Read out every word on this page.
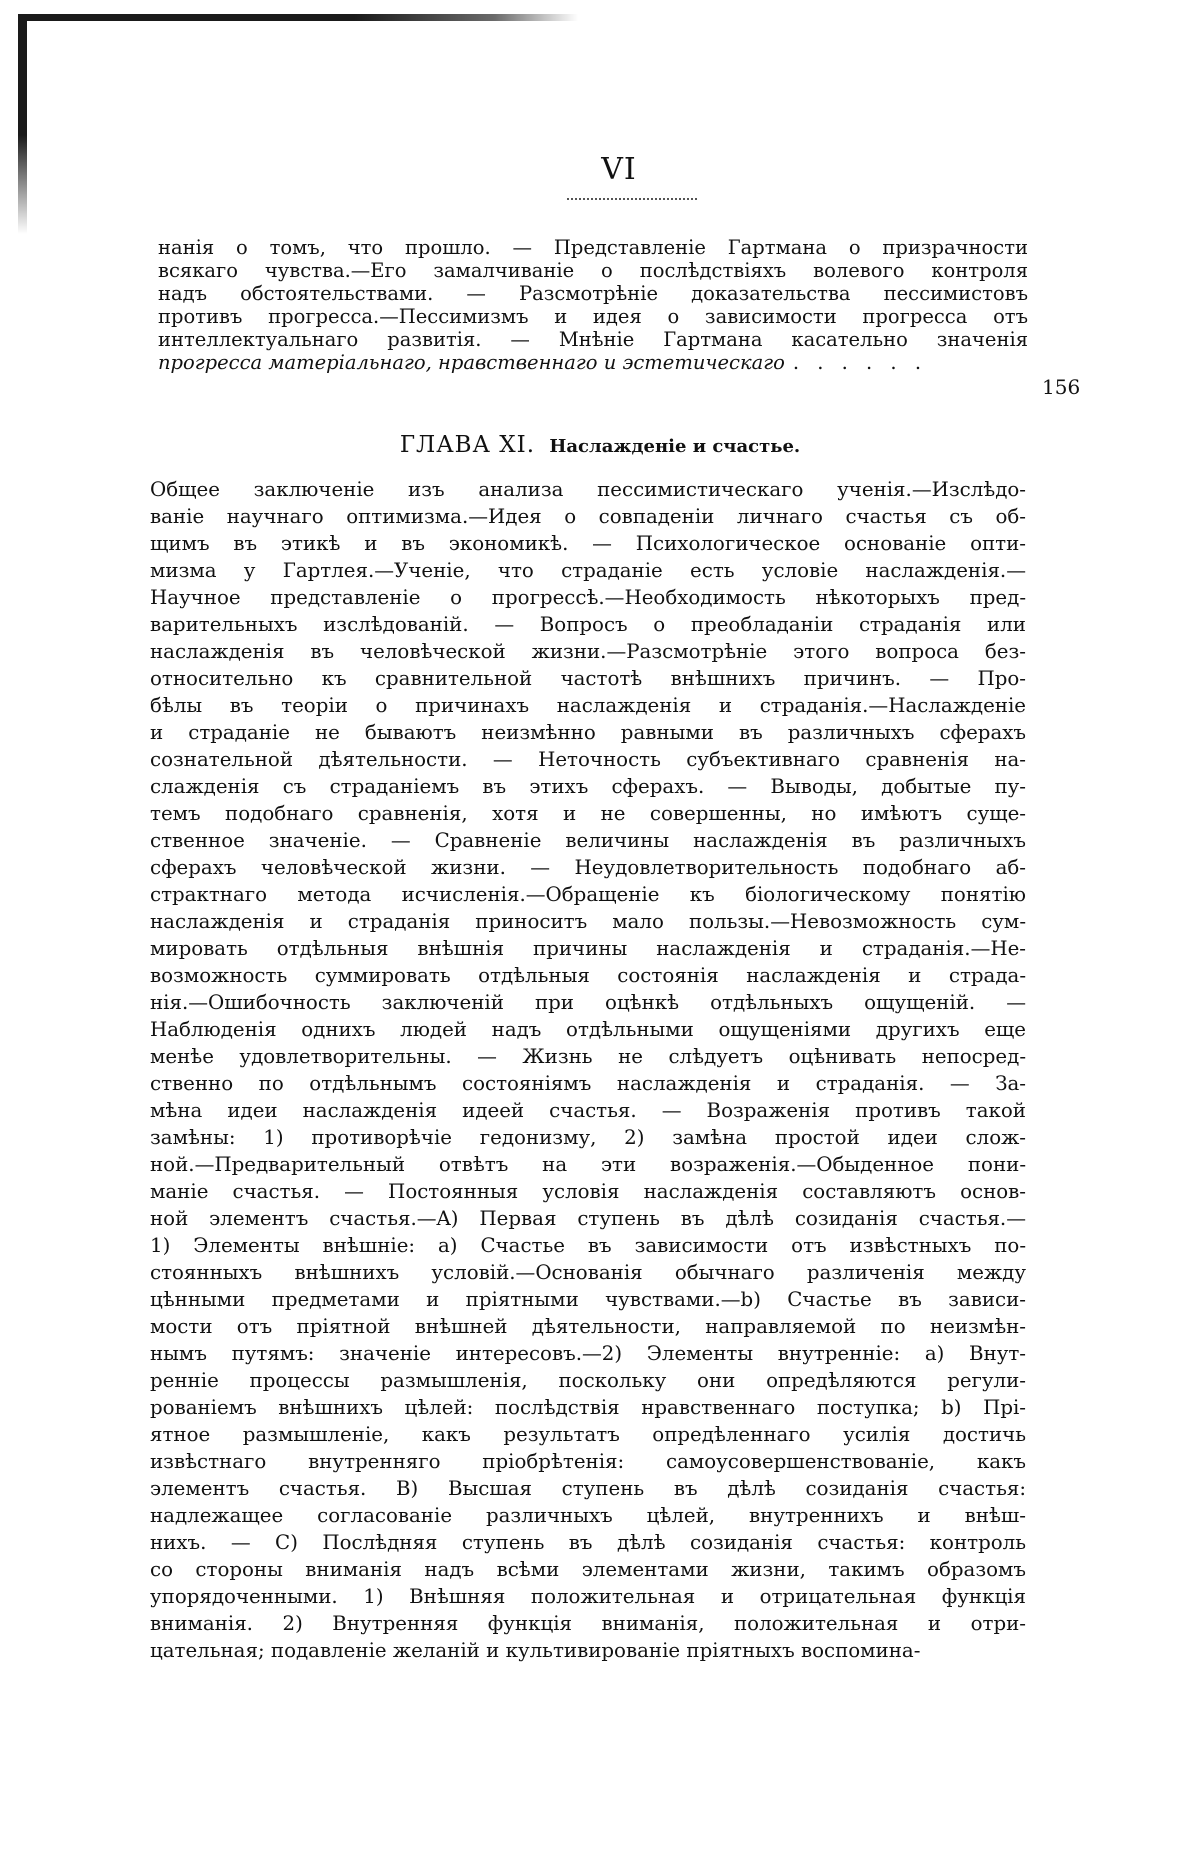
VI
нанія о томъ, что прошло. — Представленіе Гартмана о призрачности
всякаго чувства.—Его замалчиваніе о послѣдствіяхъ волевого контроля
надъ обстоятельствами. — Разсмотрѣніе доказательства пессимистовъ
противъ прогресса.—Пессимизмъ и идея о зависимости прогресса отъ
интеллектуальнаго развитія. — Мнѣніе Гартмана касательно значенія
прогресса матеріальнаго, нравственнаго и эстетическаго . . . . . .
156
ГЛАВА XI. Наслажденіе и счастье.
Общее заключеніе изъ анализа пессимистическаго ученія.—Изслѣдо-
ваніе научнаго оптимизма.—Идея о совпаденіи личнаго счастья съ об-
щимъ въ этикѣ и въ экономикѣ. — Психологическое основаніе опти-
мизма у Гартлея.—Ученіе, что страданіе есть условіе наслажденія.—
Научное представленіе о прогрессѣ.—Необходимость нѣкоторыхъ пред-
варительныхъ изслѣдованій. — Вопросъ о преобладаніи страданія или
наслажденія въ человѣческой жизни.—Разсмотрѣніе этого вопроса без-
относительно къ сравнительной частотѣ внѣшнихъ причинъ. — Про-
бѣлы въ теоріи о причинахъ наслажденія и страданія.—Наслажденіе
и страданіе не бываютъ неизмѣнно равными въ различныхъ сферахъ
сознательной дѣятельности. — Неточность субъективнаго сравненія на-
слажденія съ страданіемъ въ этихъ сферахъ. — Выводы, добытые пу-
темъ подобнаго сравненія, хотя и не совершенны, но имѣютъ суще-
ственное значеніе. — Сравненіе величины наслажденія въ различныхъ
сферахъ человѣческой жизни. — Неудовлетворительность подобнаго аб-
страктнаго метода исчисленія.—Обращеніе къ біологическому понятію
наслажденія и страданія приноситъ мало пользы.—Невозможность сум-
мировать отдѣльныя внѣшнія причины наслажденія и страданія.—Не-
возможность суммировать отдѣльныя состоянія наслажденія и страда-
нія.—Ошибочность заключеній при оцѣнкѣ отдѣльныхъ ощущеній. —
Наблюденія однихъ людей надъ отдѣльными ощущеніями другихъ еще
менѣе удовлетворительны. — Жизнь не слѣдуетъ оцѣнивать непосред-
ственно по отдѣльнымъ состояніямъ наслажденія и страданія. — За-
мѣна идеи наслажденія идеей счастья. — Возраженія противъ такой
замѣны: 1) противорѣчіе гедонизму, 2) замѣна простой идеи слож-
ной.—Предварительный отвѣтъ на эти возраженія.—Обыденное пони-
маніе счастья. — Постоянныя условія наслажденія составляютъ основ-
ной элементъ счастья.—A) Первая ступень въ дѣлѣ созиданія счастья.—
1) Элементы внѣшніе: a) Счастье въ зависимости отъ извѣстныхъ по-
стоянныхъ внѣшнихъ условій.—Основанія обычнаго различенія между
цѣнными предметами и пріятными чувствами.—b) Счастье въ зависи-
мости отъ пріятной внѣшней дѣятельности, направляемой по неизмѣн-
нымъ путямъ: значеніе интересовъ.—2) Элементы внутренніе: a) Внут-
ренніе процессы размышленія, поскольку они опредѣляются регули-
рованіемъ внѣшнихъ цѣлей: послѣдствія нравственнаго поступка; b) Прі-
ятное размышленіе, какъ результатъ опредѣленнаго усилія достичь
извѣстнаго внутренняго пріобрѣтенія: самоусовершенствованіе, какъ
элементъ счастья. B) Высшая ступень въ дѣлѣ созиданія счастья:
надлежащее согласованіе различныхъ цѣлей, внутреннихъ и внѣш-
нихъ. — C) Послѣдняя ступень въ дѣлѣ созиданія счастья: контроль
со стороны вниманія надъ всѣми элементами жизни, такимъ образомъ
упорядоченными. 1) Внѣшняя положительная и отрицательная функція
вниманія. 2) Внутренняя функція вниманія, положительная и отри-
цательная; подавленіе желаній и культивированіе пріятныхъ воспомина-
